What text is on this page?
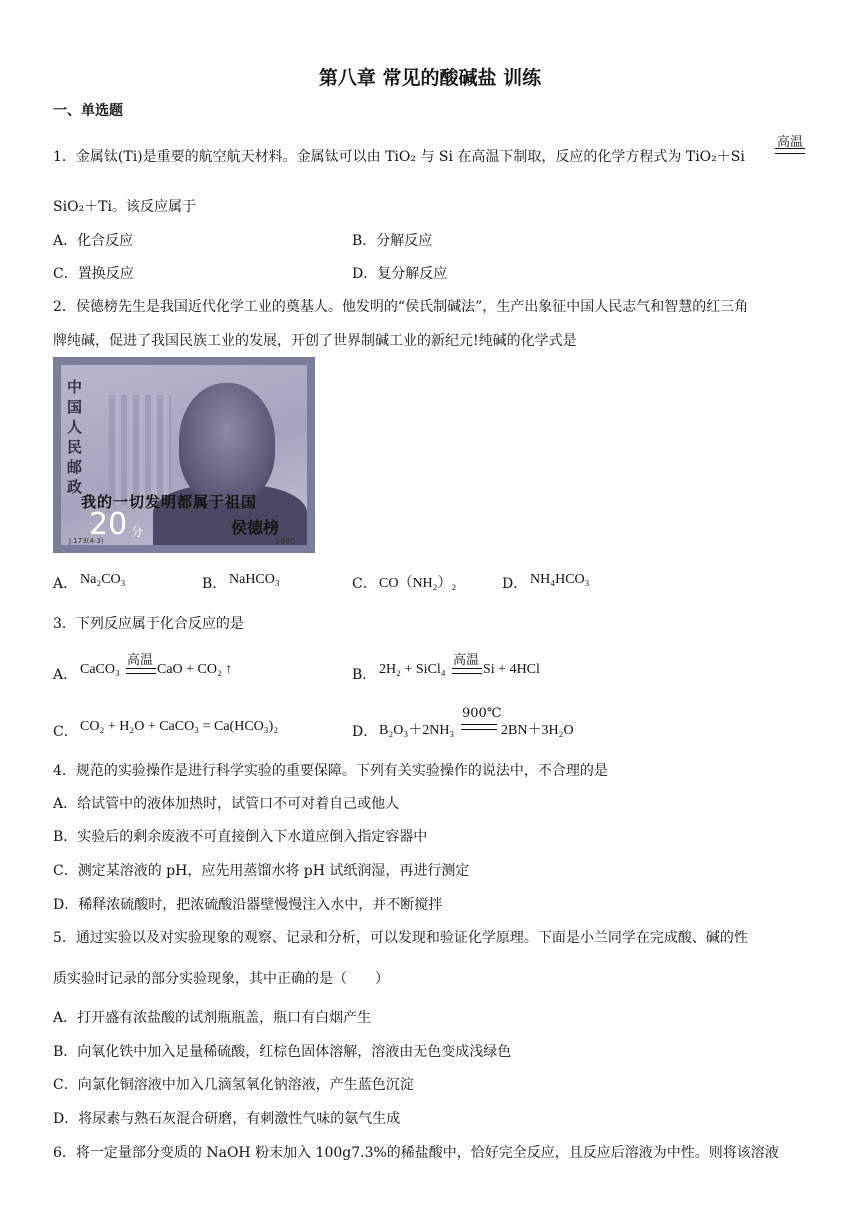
第八章 常见的酸碱盐 训练
一、单选题
1．金属钛(Ti)是重要的航空航天材料。金属钛可以由 TiO₂ 与 Si 在高温下制取，反应的化学方程式为 TiO₂＋Si
高温
SiO₂＋Ti。该反应属于
A．化合反应	B．分解反应
C．置换反应	D．复分解反应
2．侯德榜先生是我国近代化学工业的奠基人。他发明的“侯氏制碱法”，生产出象征中国人民志气和智慧的红三角
牌纯碱，促进了我国民族工业的发展，开创了世界制碱工业的新纪元!纯碱的化学式是
中国人民邮政
我的一切发明都属于祖国
20 分	侯德榜
1990
J.173(4-3)
A． Na₂CO₃	B． NaHCO₃	C． CO（NH₂）₂	D． NH₄HCO₃
3．下列反应属于化合反应的是
A． CaCO₃
高温
CaO + CO₂ ↑	B． 2H₂ + SiCl₄
高温
Si + 4HCl
C． CO₂ + H₂O + CaCO₃ = Ca(HCO₃)₂	D． B₂O₃＋2NH₃
900℃
2BN＋3H₂O
4．规范的实验操作是进行科学实验的重要保障。下列有关实验操作的说法中，不合理的是
A．给试管中的液体加热时，试管口不可对着自己或他人
B．实验后的剩余废液不可直接倒入下水道应倒入指定容器中
C．测定某溶液的 pH，应先用蒸馏水将 pH 试纸润湿，再进行测定
D．稀释浓硫酸时，把浓硫酸沿器壁慢慢注入水中，并不断搅拌
5．通过实验以及对实验现象的观察、记录和分析，可以发现和验证化学原理。下面是小兰同学在完成酸、碱的性
质实验时记录的部分实验现象，其中正确的是（　　）
A．打开盛有浓盐酸的试剂瓶瓶盖，瓶口有白烟产生
B．向氧化铁中加入足量稀硫酸，红棕色固体溶解，溶液由无色变成浅绿色
C．向氯化铜溶液中加入几滴氢氧化钠溶液，产生蓝色沉淀
D．将尿素与熟石灰混合研磨，有刺激性气味的氨气生成
6．将一定量部分变质的 NaOH 粉末加入 100g7.3%的稀盐酸中，恰好完全反应，且反应后溶液为中性。则将该溶液
